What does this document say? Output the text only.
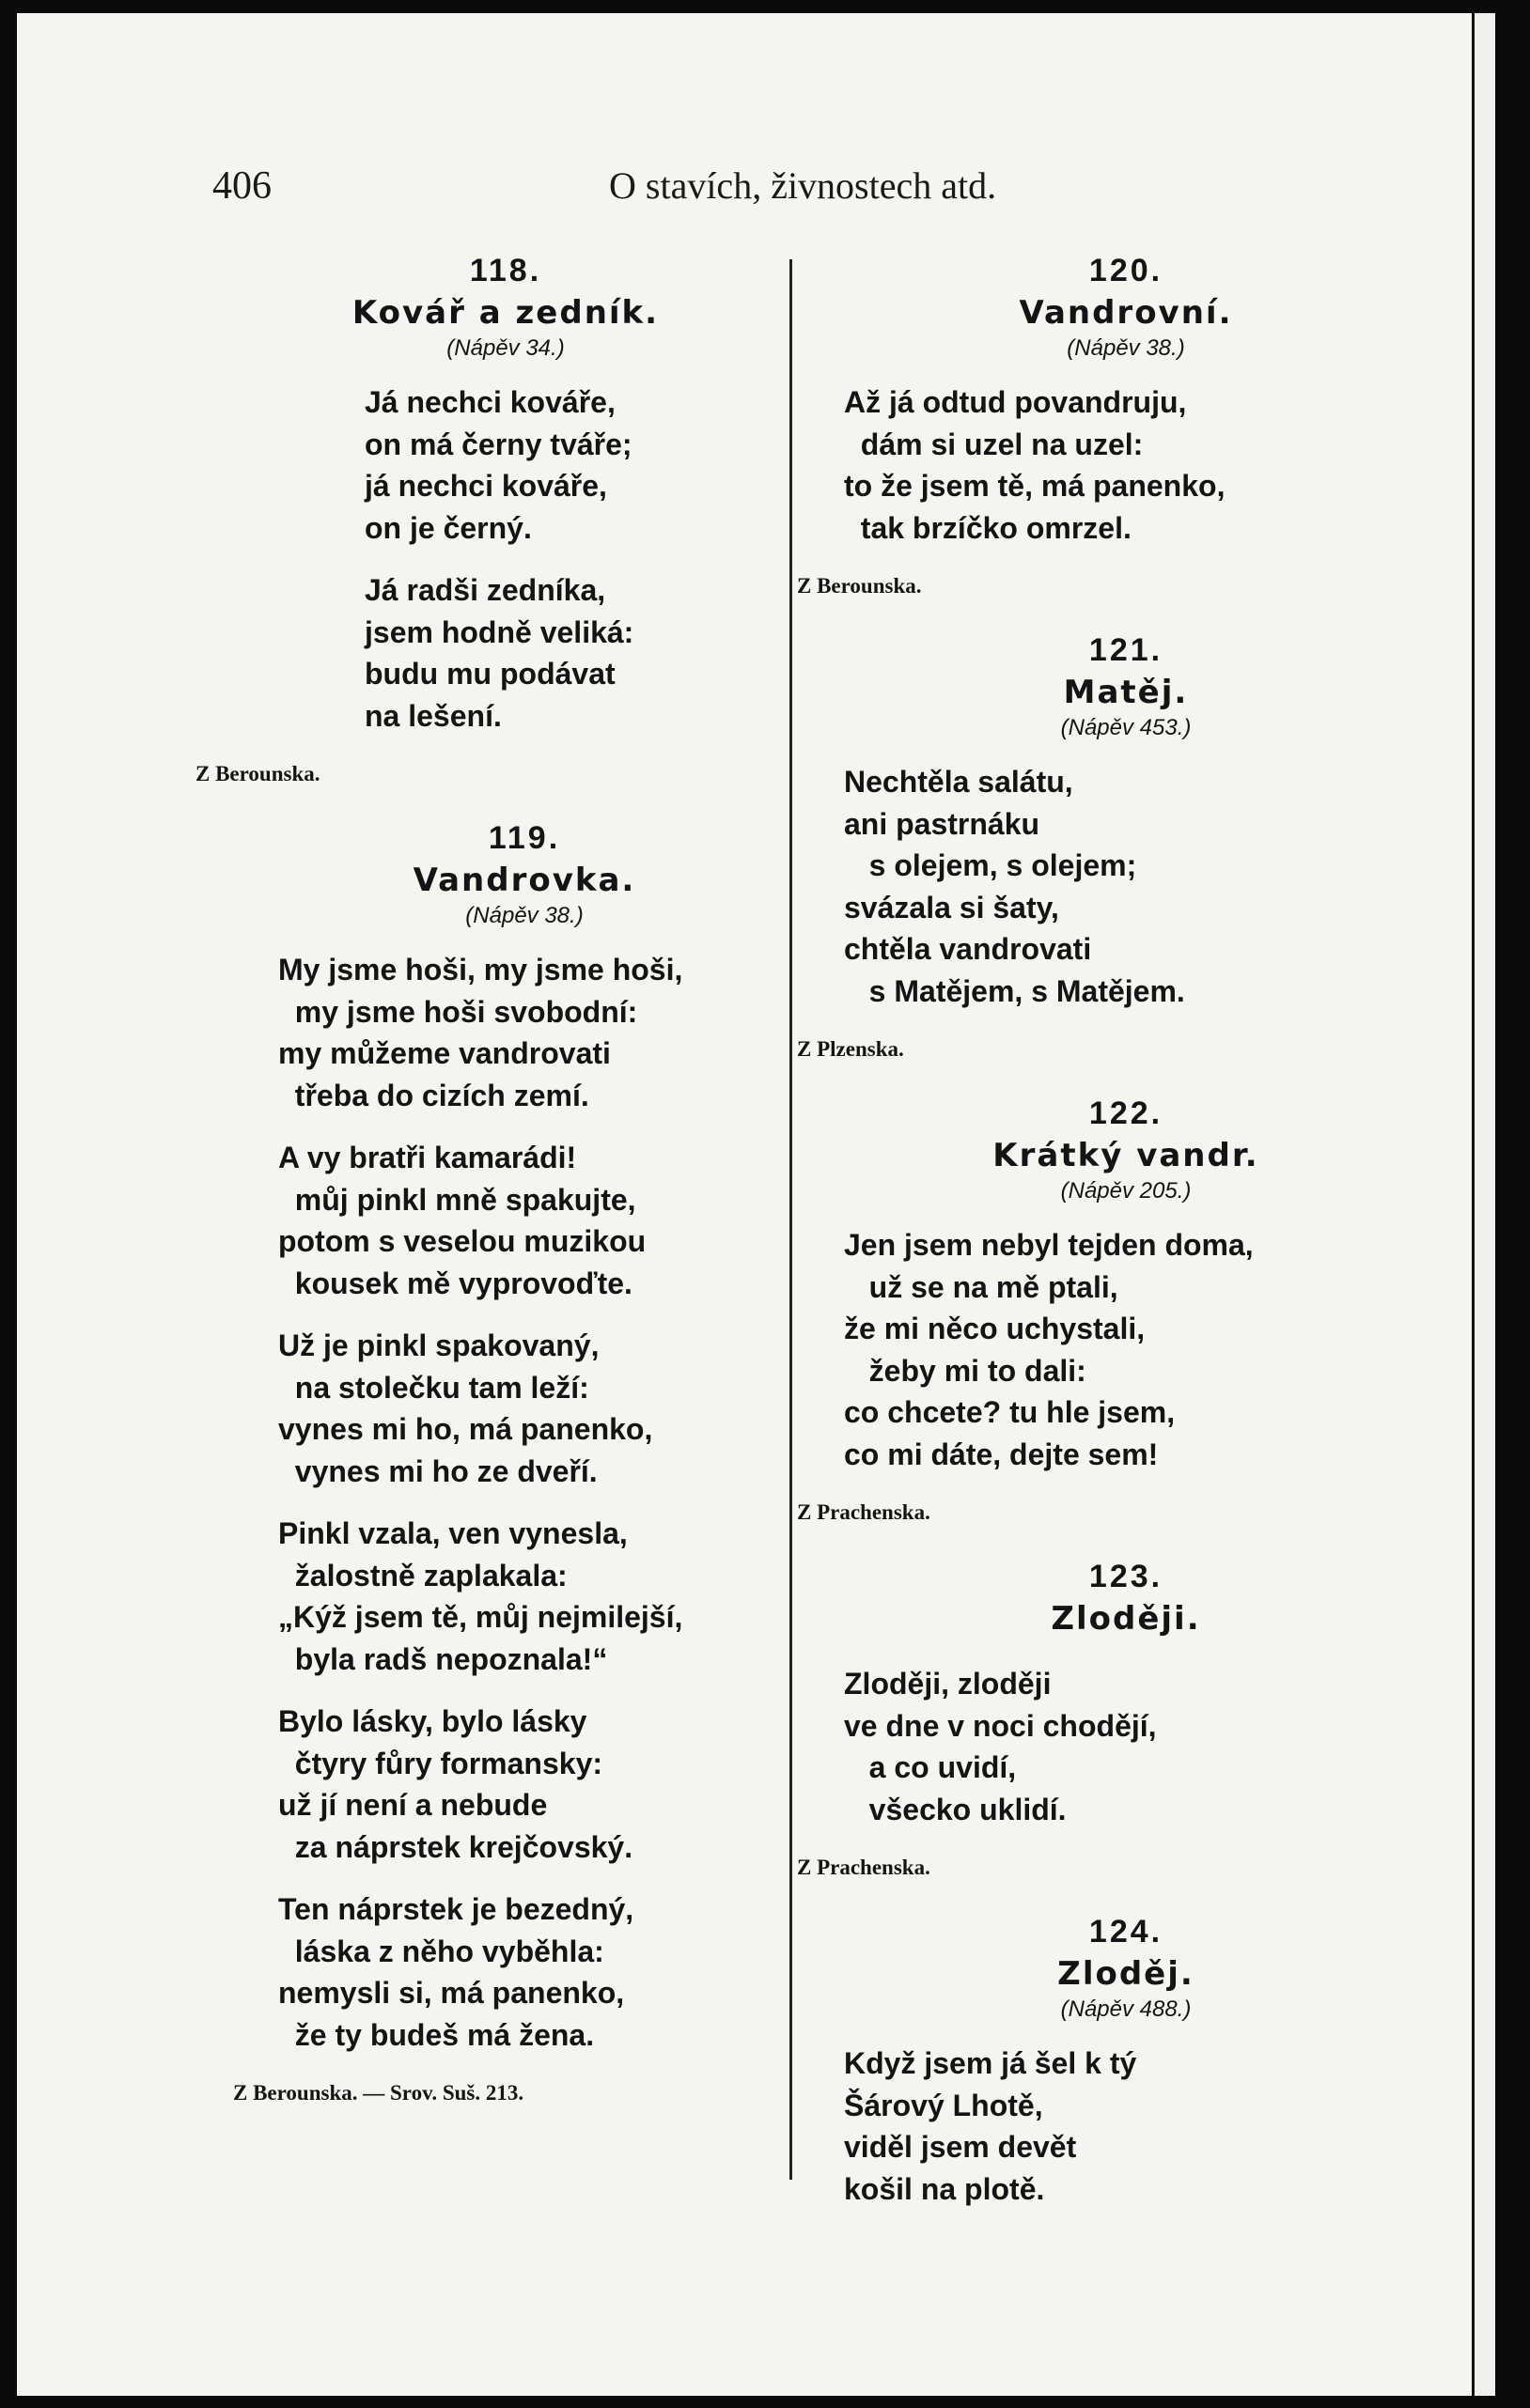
406	O stavích, živnostech atd.
118.
Kovář a zedník.
(Nápěv 34.)
Já nechci kováře,
on má černy tváře;
já nechci kováře,
on je černý.
Já radši zedníka,
jsem hodně veliká:
budu mu podávat
na lešení.
Z Berounska.
119.
Vandrovka.
(Nápěv 38.)
My jsme hoši, my jsme hoši,
my jsme hoši svobodní:
my můžeme vandrovati
třeba do cizích zemí.
A vy bratři kamarádi!
můj pinkl mně spakujte,
potom s veselou muzikou
kousek mě vyprovoďte.
Už je pinkl spakovaný,
na stolečku tam leží:
vynes mi ho, má panenko,
vynes mi ho ze dveří.
Pinkl vzala, ven vynesla,
žalostně zaplakala:
„Kýž jsem tě, můj nejmilejší,
byla radš nepoznala!“
Bylo lásky, bylo lásky
čtyry fůry formansky:
už jí není a nebude
za náprstek krejčovský.
Ten náprstek je bezedný,
láska z něho vyběhla:
nemysli si, má panenko,
že ty budeš má žena.
Z Berounska. — Srov. Suš. 213.
120.
Vandrovní.
(Nápěv 38.)
Až já odtud povandruju,
dám si uzel na uzel:
to že jsem tě, má panenko,
tak brzíčko omrzel.
Z Berounska.
121.
Matěj.
(Nápěv 453.)
Nechtěla salátu,
ani pastrnáku
s olejem, s olejem;
svázala si šaty,
chtěla vandrovati
s Matějem, s Matějem.
Z Plzenska.
122.
Krátký vandr.
(Nápěv 205.)
Jen jsem nebyl tejden doma,
už se na mě ptali,
že mi něco uchystali,
žeby mi to dali:
co chcete? tu hle jsem,
co mi dáte, dejte sem!
Z Prachenska.
123.
Zloději.
Zloději, zloději
ve dne v noci chodějí,
a co uvidí,
všecko uklidí.
Z Prachenska.
124.
Zloděj.
(Nápěv 488.)
Když jsem já šel k tý
Šárový Lhotě,
viděl jsem devět
košil na plotě.
